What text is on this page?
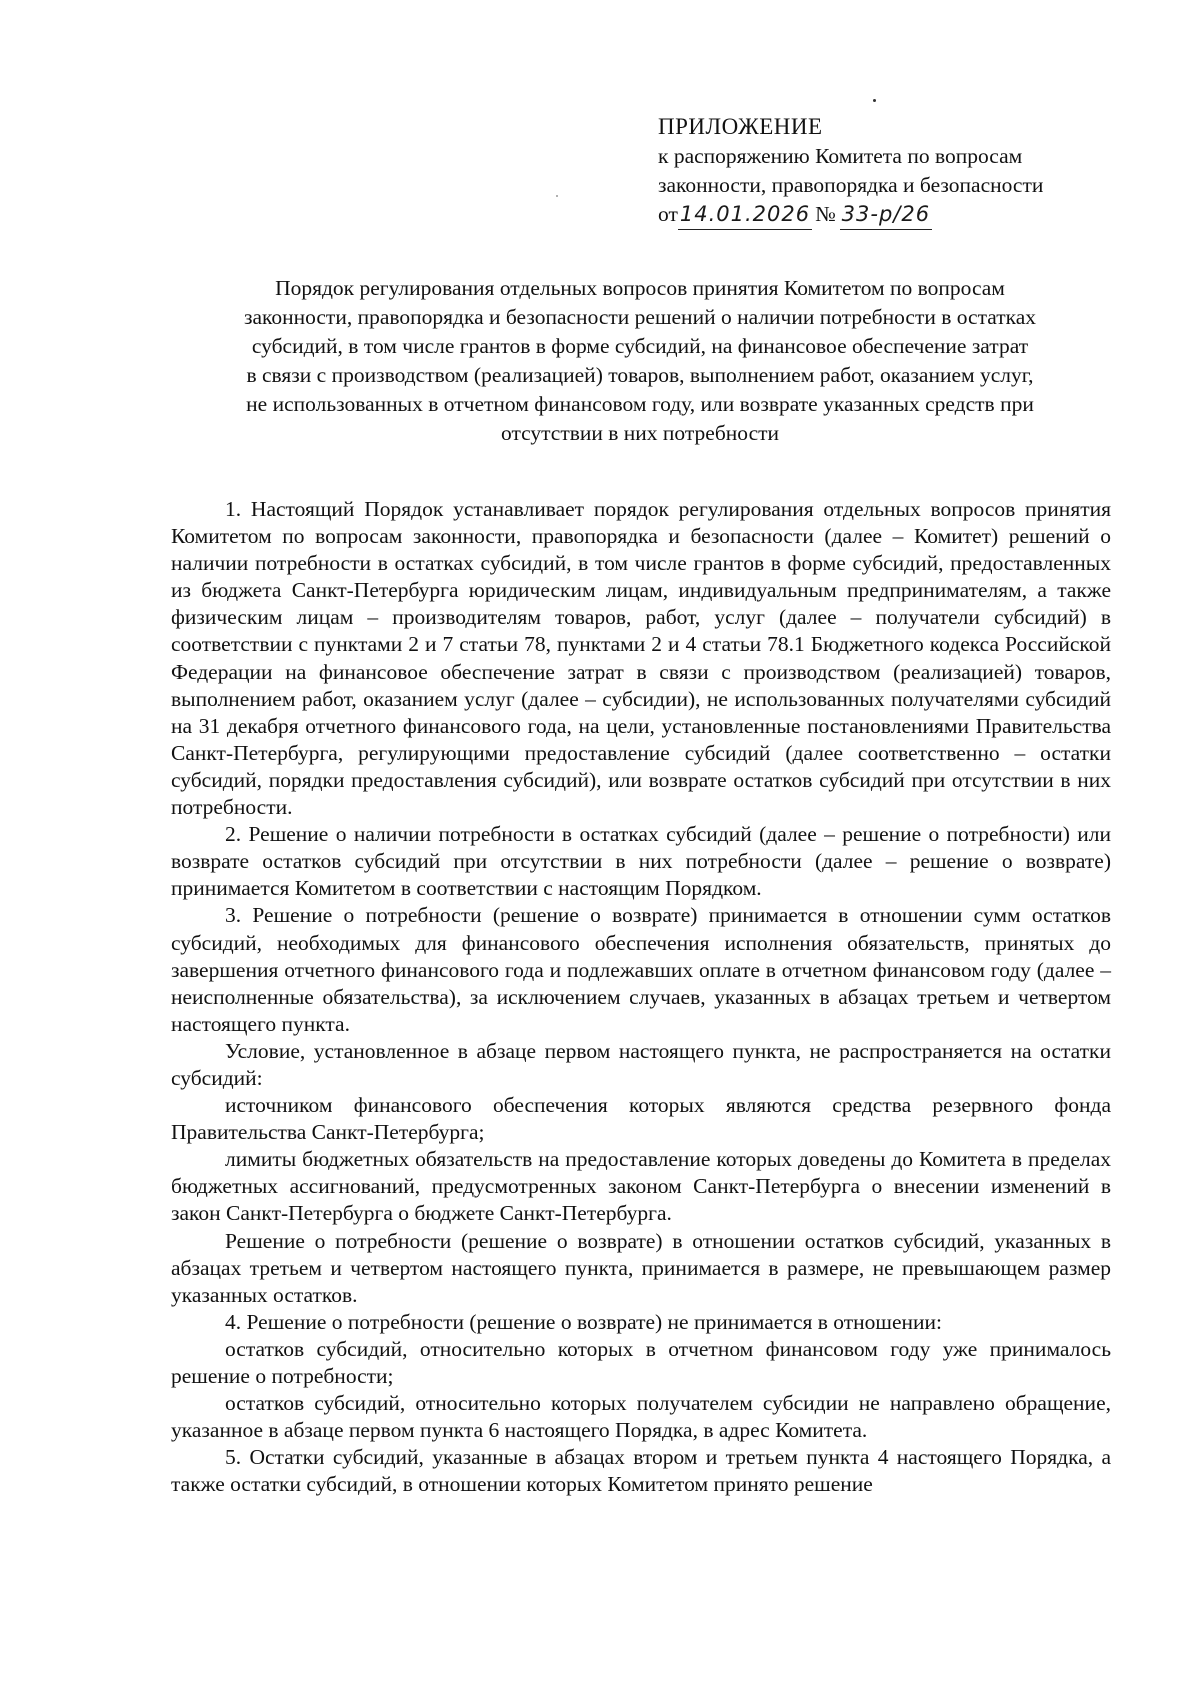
ПРИЛОЖЕНИЕ
к распоряжению Комитета по вопросам
законности, правопорядка и безопасности
от 14.01.2026 № 33-р/26
Порядок регулирования отдельных вопросов принятия Комитетом по вопросам
законности, правопорядка и безопасности решений о наличии потребности в остатках
субсидий, в том числе грантов в форме субсидий, на финансовое обеспечение затрат
в связи с производством (реализацией) товаров, выполнением работ, оказанием услуг,
не использованных в отчетном финансовом году, или возврате указанных средств при
отсутствии в них потребности

1. Настоящий Порядок устанавливает порядок регулирования отдельных вопросов принятия Комитетом по вопросам законности, правопорядка и безопасности (далее – Комитет) решений о наличии потребности в остатках субсидий, в том числе грантов в форме субсидий, предоставленных из бюджета Санкт-Петербурга юридическим лицам, индивидуальным предпринимателям, а также физическим лицам – производителям товаров, работ, услуг (далее – получатели субсидий) в соответствии с пунктами 2 и 7 статьи 78, пунктами 2 и 4 статьи 78.1 Бюджетного кодекса Российской Федерации на финансовое обеспечение затрат в связи с производством (реализацией) товаров, выполнением работ, оказанием услуг (далее – субсидии), не использованных получателями субсидий на 31 декабря отчетного финансового года, на цели, установленные постановлениями Правительства Санкт-Петербурга, регулирующими предоставление субсидий (далее соответственно – остатки субсидий, порядки предоставления субсидий), или возврате остатков субсидий при отсутствии в них потребности.

2. Решение о наличии потребности в остатках субсидий (далее – решение о потребности) или возврате остатков субсидий при отсутствии в них потребности (далее – решение о возврате) принимается Комитетом в соответствии с настоящим Порядком.

3. Решение о потребности (решение о возврате) принимается в отношении сумм остатков субсидий, необходимых для финансового обеспечения исполнения обязательств, принятых до завершения отчетного финансового года и подлежавших оплате в отчетном финансовом году (далее – неисполненные обязательства), за исключением случаев, указанных в абзацах третьем и четвертом настоящего пункта.

Условие, установленное в абзаце первом настоящего пункта, не распространяется на остатки субсидий:

источником финансового обеспечения которых являются средства резервного фонда Правительства Санкт-Петербурга;

лимиты бюджетных обязательств на предоставление которых доведены до Комитета в пределах бюджетных ассигнований, предусмотренных законом Санкт-Петербурга о внесении изменений в закон Санкт-Петербурга о бюджете Санкт-Петербурга.

Решение о потребности (решение о возврате) в отношении остатков субсидий, указанных в абзацах третьем и четвертом настоящего пункта, принимается в размере, не превышающем размер указанных остатков.

4. Решение о потребности (решение о возврате) не принимается в отношении:

остатков субсидий, относительно которых в отчетном финансовом году уже принималось решение о потребности;

остатков субсидий, относительно которых получателем субсидии не направлено обращение, указанное в абзаце первом пункта 6 настоящего Порядка, в адрес Комитета.

5. Остатки субсидий, указанные в абзацах втором и третьем пункта 4 настоящего Порядка, а также остатки субсидий, в отношении которых Комитетом принято решение
